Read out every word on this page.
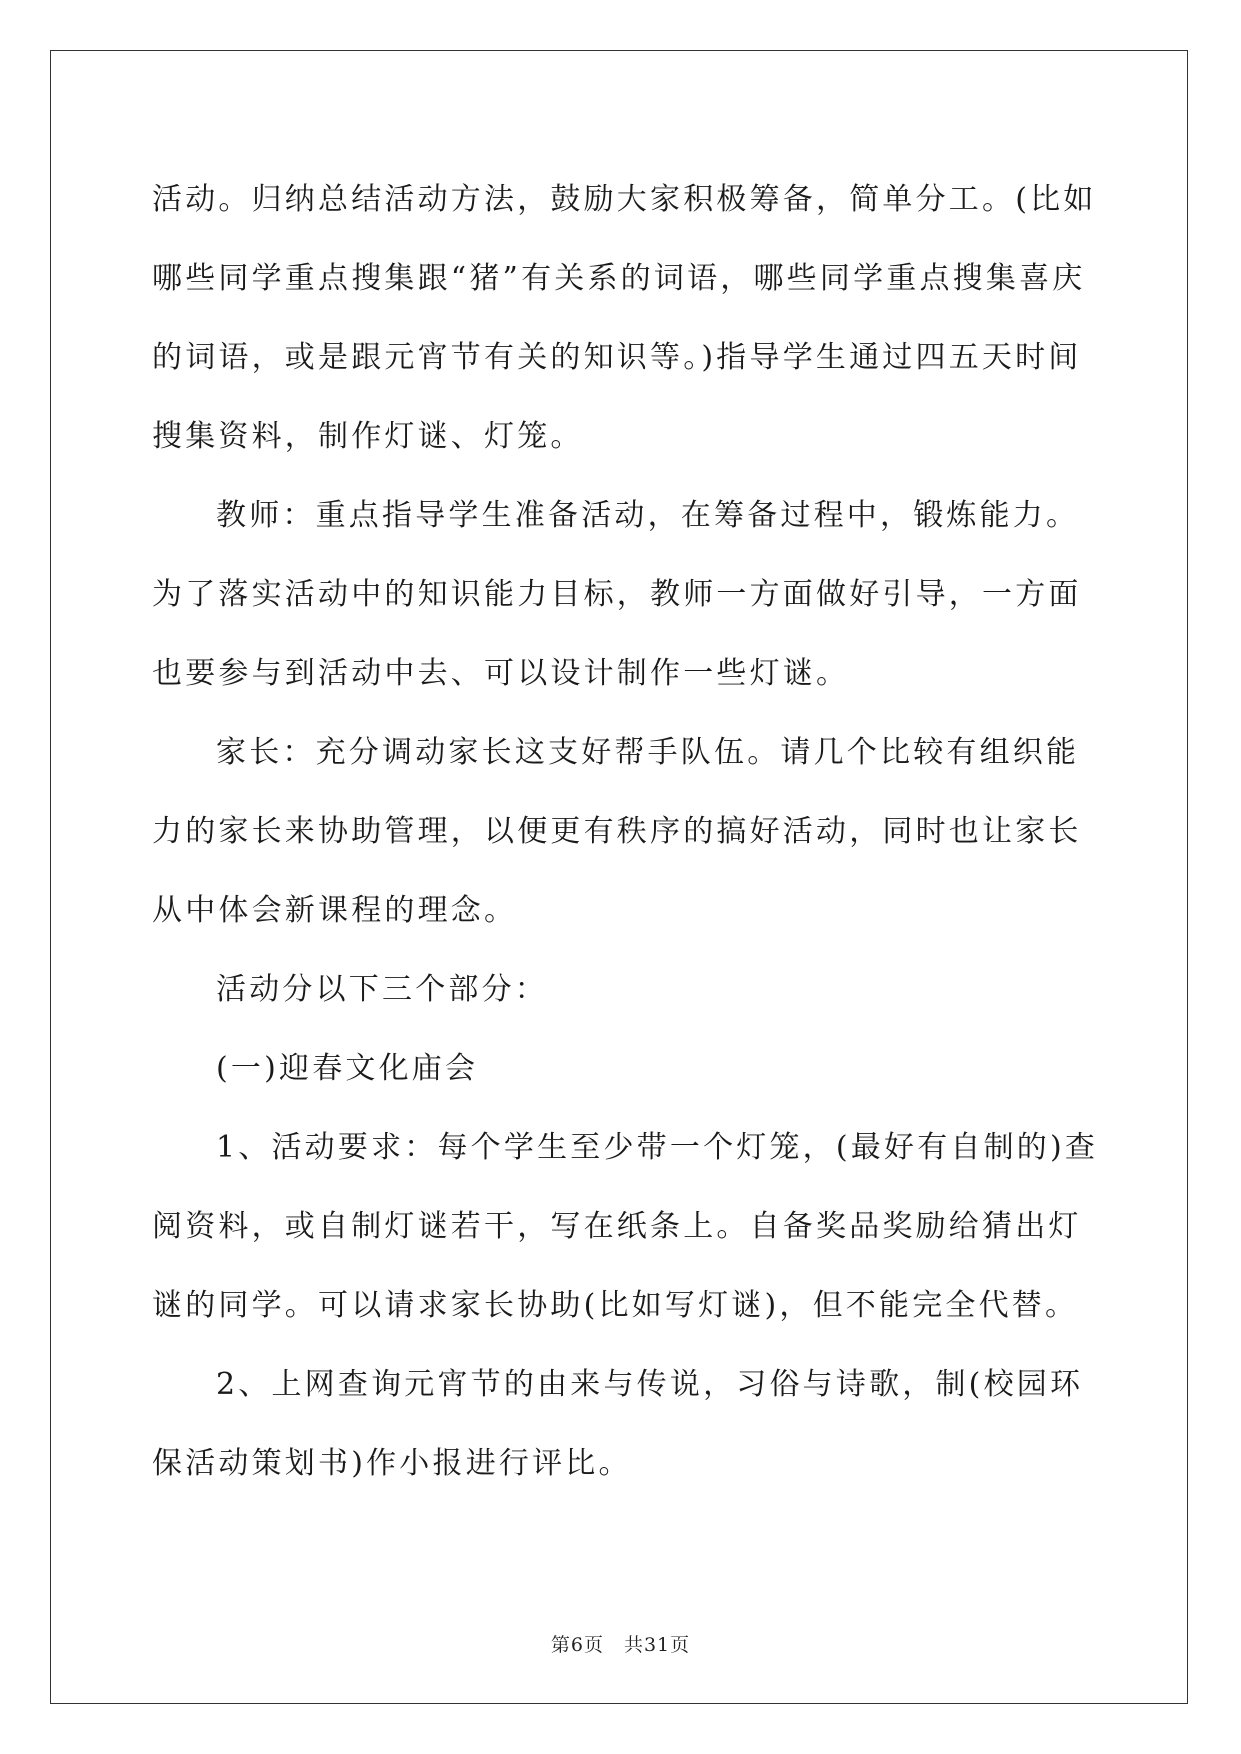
活动。归纳总结活动方法，鼓励大家积极筹备，简单分工。(比如哪些同学重点搜集跟“猪”有关系的词语，哪些同学重点搜集喜庆的词语，或是跟元宵节有关的知识等。)指导学生通过四五天时间搜集资料，制作灯谜、灯笼。

教师：重点指导学生准备活动，在筹备过程中，锻炼能力。为了落实活动中的知识能力目标，教师一方面做好引导，一方面也要参与到活动中去、可以设计制作一些灯谜。

家长：充分调动家长这支好帮手队伍。请几个比较有组织能力的家长来协助管理，以便更有秩序的搞好活动，同时也让家长从中体会新课程的理念。

活动分以下三个部分：

(一)迎春文化庙会

1、活动要求：每个学生至少带一个灯笼，(最好有自制的)查阅资料，或自制灯谜若干，写在纸条上。自备奖品奖励给猜出灯谜的同学。可以请求家长协助(比如写灯谜)，但不能完全代替。

2、上网查询元宵节的由来与传说，习俗与诗歌，制(校园环保活动策划书)作小报进行评比。

第6页　共31页
